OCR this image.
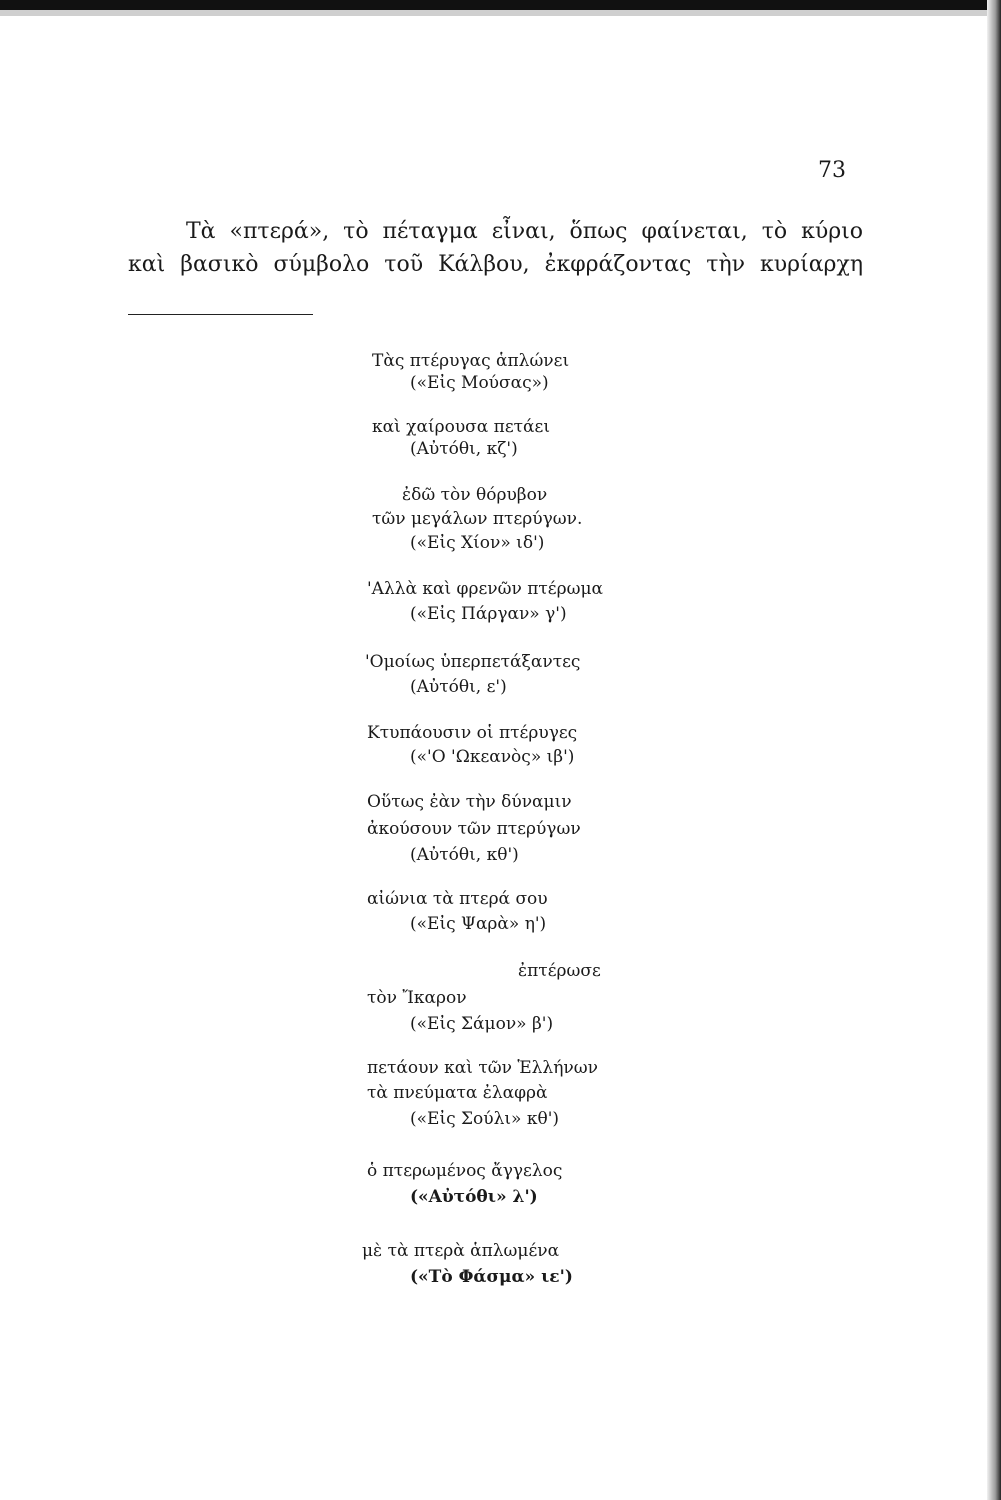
73
Τὰ «πτερά», τὸ πέταγμα εἶναι, ὅπως φαίνεται, τὸ κύριο
καὶ βασικὸ σύμβολο τοῦ Κάλβου, ἐκφράζοντας τὴν κυρίαρχη
Τὰς πτέρυγας ἁπλώνει
(«Εἰς Μούσας»)
καὶ χαίρουσα πετάει
(Αὐτόθι, κζ')
ἐδῶ τὸν θόρυβον
τῶν μεγάλων πτερύγων.
(«Εἰς Χίον» ιδ')
'Αλλὰ καὶ φρενῶν πτέρωμα
(«Εἰς Πάργαν» γ')
'Ομοίως ὑπερπετάξαντες
(Αὐτόθι, ε')
Κτυπάουσιν οἱ πτέρυγες
(«'Ο 'Ωκεανὸς» ιβ')
Οὕτως ἐὰν τὴν δύναμιν
ἀκούσουν τῶν πτερύγων
(Αὐτόθι, κθ')
αἰώνια τὰ πτερά σου
(«Εἰς Ψαρὰ» η')
ἐπτέρωσε
τὸν Ἴκαρον
(«Εἰς Σάμον» β')
πετάουν καὶ τῶν Ἑλλήνων
τὰ πνεύματα ἐλαφρὰ
(«Εἰς Σούλι» κθ')
ὁ πτερωμένος ἄγγελος
(«Αὐτόθι» λ')
μὲ τὰ πτερὰ ἁπλωμένα
(«Τὸ Φάσμα» ιε')
